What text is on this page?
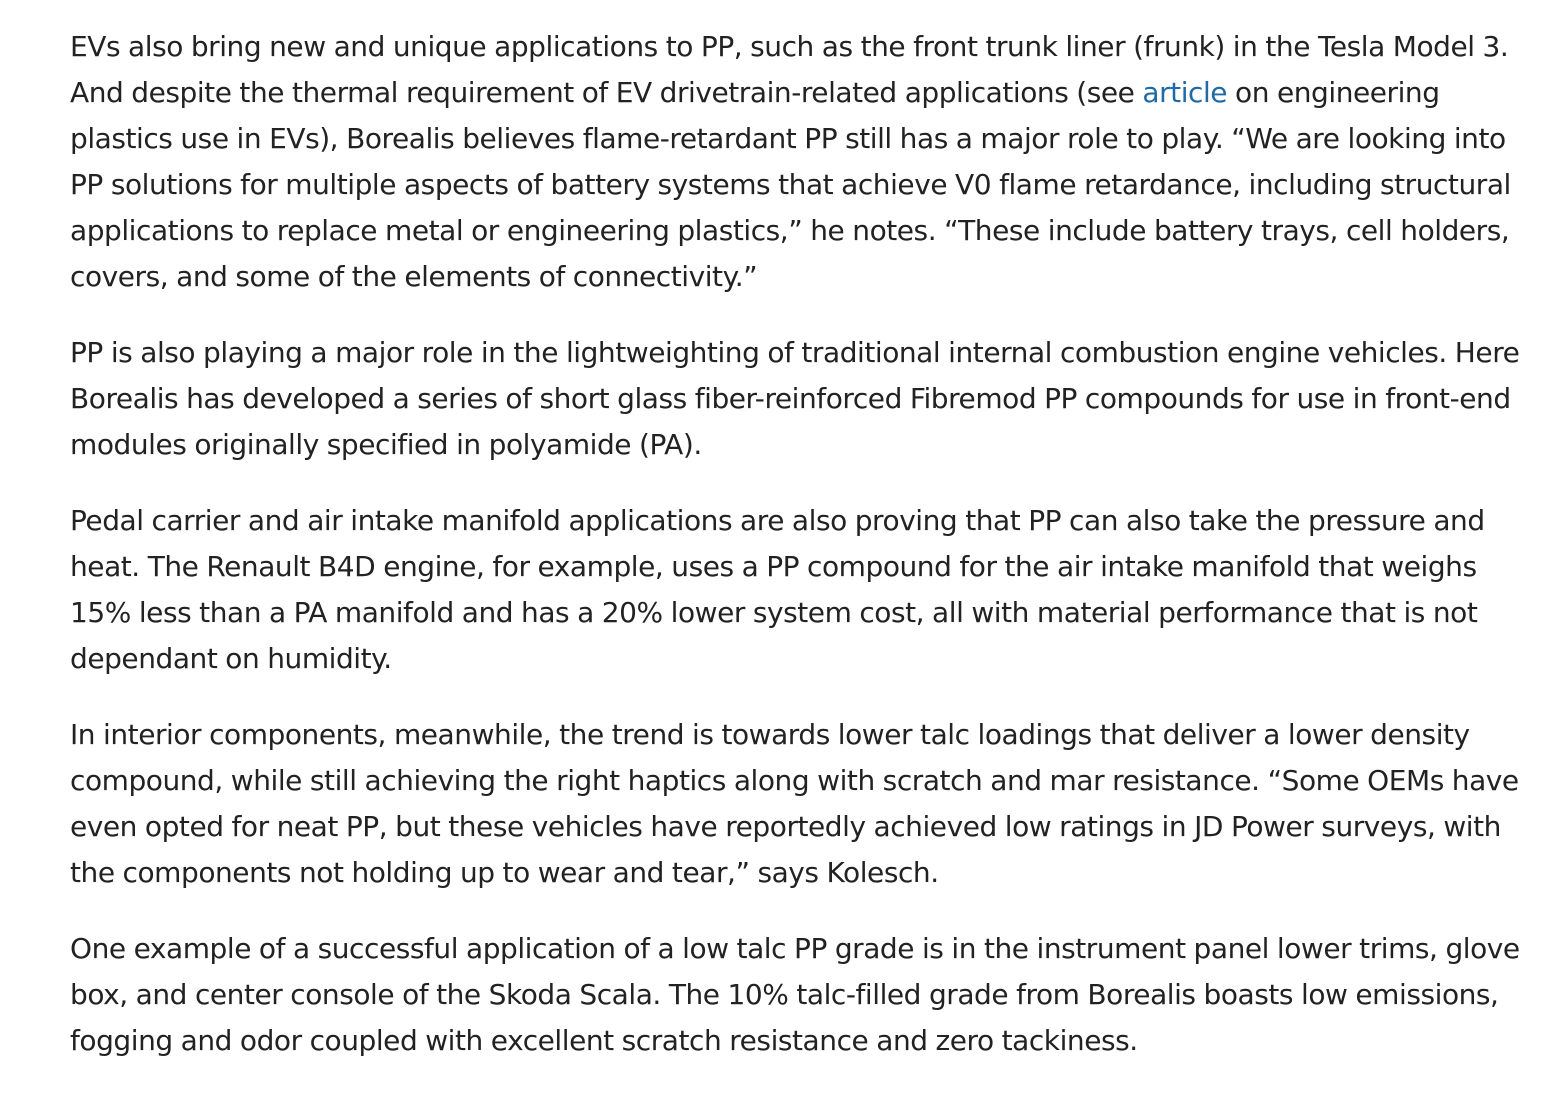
EVs also bring new and unique applications to PP, such as the front trunk liner (frunk) in the Tesla Model 3. And despite the thermal requirement of EV drivetrain-related applications (see article on engineering plastics use in EVs), Borealis believes flame-retardant PP still has a major role to play. “We are looking into PP solutions for multiple aspects of battery systems that achieve V0 flame retardance, including structural applications to replace metal or engineering plastics,” he notes. “These include battery trays, cell holders, covers, and some of the elements of connectivity.”

PP is also playing a major role in the lightweighting of traditional internal combustion engine vehicles. Here Borealis has developed a series of short glass fiber-reinforced Fibremod PP compounds for use in front-end modules originally specified in polyamide (PA).

Pedal carrier and air intake manifold applications are also proving that PP can also take the pressure and heat. The Renault B4D engine, for example, uses a PP compound for the air intake manifold that weighs 15% less than a PA manifold and has a 20% lower system cost, all with material performance that is not dependant on humidity.

In interior components, meanwhile, the trend is towards lower talc loadings that deliver a lower density compound, while still achieving the right haptics along with scratch and mar resistance. “Some OEMs have even opted for neat PP, but these vehicles have reportedly achieved low ratings in JD Power surveys, with the components not holding up to wear and tear,” says Kolesch.

One example of a successful application of a low talc PP grade is in the instrument panel lower trims, glove box, and center console of the Skoda Scala. The 10% talc-filled grade from Borealis boasts low emissions, fogging and odor coupled with excellent scratch resistance and zero tackiness.
